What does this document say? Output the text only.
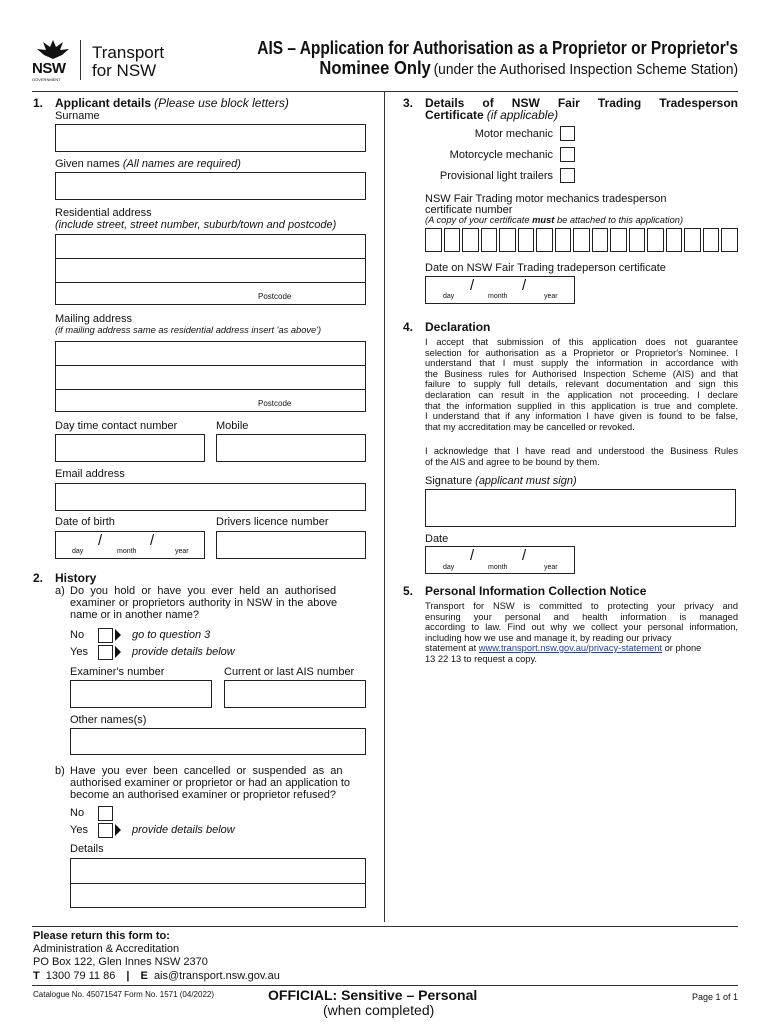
NSW
GOVERNMENT
Transport
for NSW
AIS – Application for Authorisation as a Proprietor or Proprietor's
Nominee Only (under the Authorised Inspection Scheme Station)
1. Applicant details (Please use block letters)
Surname
Given names (All names are required)
Residential address
(include street, street number, suburb/town and postcode)
Postcode
Mailing address
(if mailing address same as residential address insert 'as above')
Postcode
Day time contact number	Mobile
Email address
Date of birth
/	/
day	month	year
Drivers licence number
2. History
a) Do you hold or have you ever held an authorised
examiner or proprietors authority in NSW in the above
name or in another name?
No	go to question 3
Yes	provide details below
Examiner's number	Current or last AIS number
Other names(s)
b) Have you ever been cancelled or suspended as an
authorised examiner or proprietor or had an application to
become an authorised examiner or proprietor refused?
No
Yes	provide details below
Details
3. Details of NSW Fair Trading Tradesperson
Certificate (if applicable)
Motor mechanic
Motorcycle mechanic
Provisional light trailers
NSW Fair Trading motor mechanics tradesperson
certificate number
(A copy of your certificate must be attached to this application)
Date on NSW Fair Trading tradeperson certificate
/	/
day	month	year
4. Declaration
I accept that submission of this application does not guarantee
selection for authorisation as a Proprietor or Proprietor's Nominee. I
understand that I must supply the information in accordance with
the Business rules for Authorised Inspection Scheme (AIS) and that
failure to supply full details, relevant documentation and sign this
declaration can result in the application not proceeding. I declare
that the information supplied in this application is true and complete.
I understand that if any information I have given is found to be false,
that my accreditation may be cancelled or revoked.
I acknowledge that I have read and understood the Business Rules
of the AIS and agree to be bound by them.
Signature (applicant must sign)
Date
/	/
day	month	year
5. Personal Information Collection Notice
Transport for NSW is committed to protecting your privacy and
ensuring your personal and health information is managed
according to law. Find out why we collect your personal information,
including how we use and manage it, by reading our privacy
statement at www.transport.nsw.gov.au/privacy-statement or phone
13 22 13 to request a copy.
Please return this form to:
Administration & Accreditation
PO Box 122, Glen Innes NSW 2370
T 1300 79 11 86 | E ais@transport.nsw.gov.au
Catalogue No. 45071547 Form No. 1571 (04/2022)	OFFICIAL: Sensitive – Personal
(when completed)
Page 1 of 1
